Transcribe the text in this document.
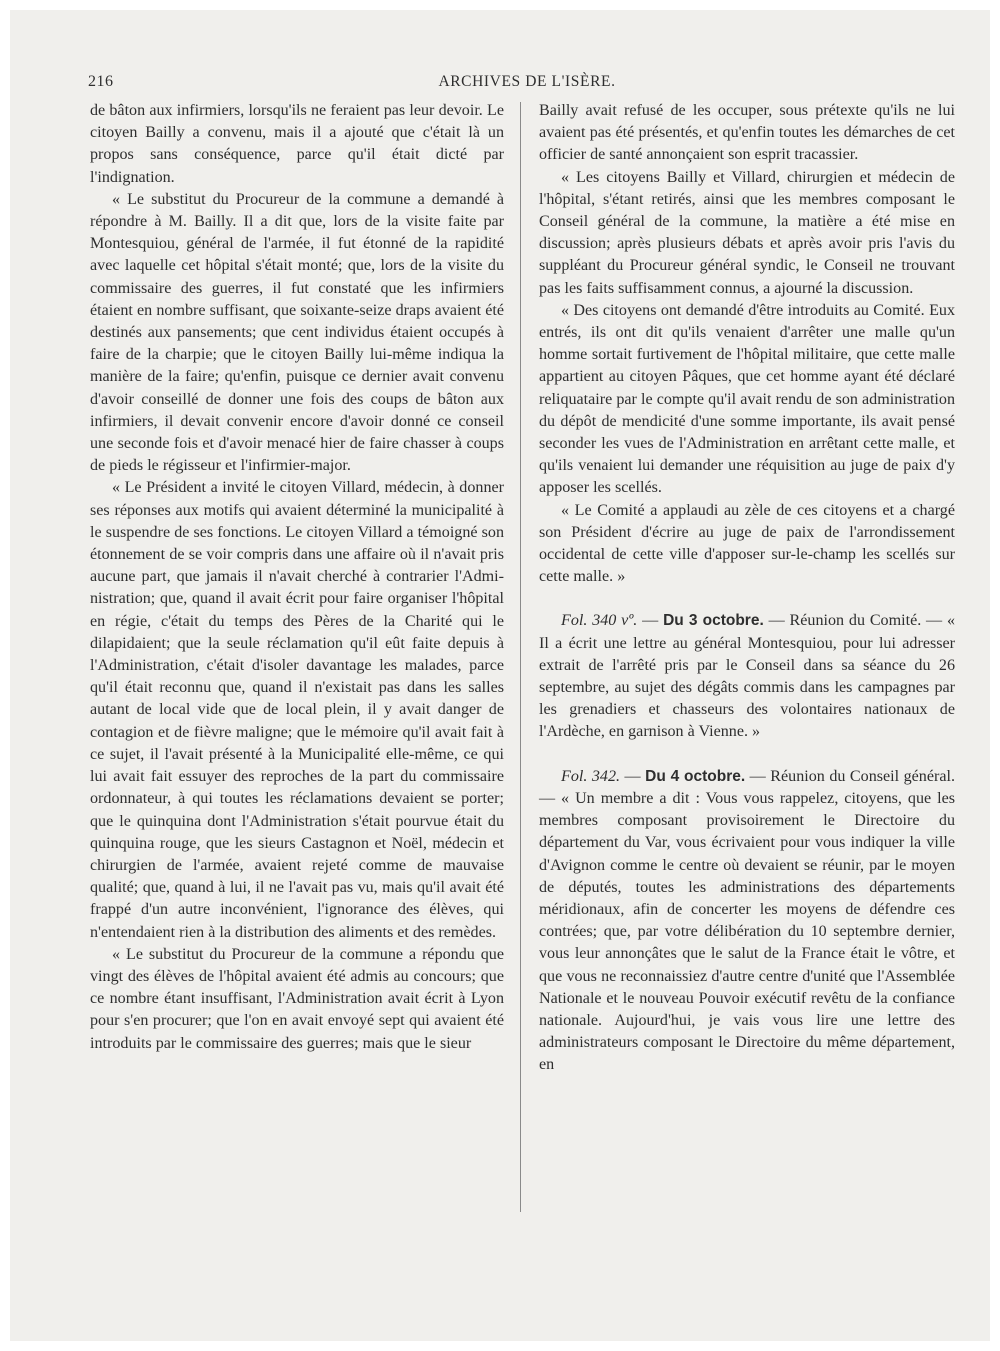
216	ARCHIVES DE L'ISÈRE.

de bâton aux infirmiers, lorsqu'ils ne feraient pas leur devoir. Le citoyen Bailly a convenu, mais il a ajouté que c'était là un propos sans conséquence, parce qu'il était dicté par l'indignation.

« Le substitut du Procureur de la commune a demandé à répondre à M. Bailly. Il a dit que, lors de la visite faite par Montesquiou, général de l'armée, il fut étonné de la rapidité avec laquelle cet hôpital s'était monté; que, lors de la visite du commissaire des guerres, il fut constaté que les infirmiers étaient en nombre suffisant, que soixante-seize draps avaient été destinés aux pansements; que cent individus étaient occupés à faire de la charpie; que le citoyen Bailly lui-même indiqua la manière de la faire; qu'enfin, puisque ce dernier avait convenu d'avoir conseillé de donner une fois des coups de bâton aux infirmiers, il devait convenir encore d'avoir donné ce conseil une seconde fois et d'avoir menacé hier de faire chasser à coups de pieds le régisseur et l'infirmier-major.

« Le Président a invité le citoyen Villard, médecin, à donner ses réponses aux motifs qui avaient déterminé la municipalité à le suspendre de ses fonctions. Le citoyen Villard a témoigné son étonnement de se voir compris dans une affaire où il n'avait pris aucune part, que jamais il n'avait cherché à contrarier l'Administration; que, quand il avait écrit pour faire organiser l'hôpital en régie, c'était du temps des Pères de la Charité qui le dilapidaient; que la seule réclamation qu'il eût faite depuis à l'Administration, c'était d'isoler davantage les malades, parce qu'il était reconnu que, quand il n'existait pas dans les salles autant de local vide que de local plein, il y avait danger de contagion et de fièvre maligne; que le mémoire qu'il avait fait à ce sujet, il l'avait présenté à la Municipalité elle-même, ce qui lui avait fait essuyer des reproches de la part du commissaire ordonnateur, à qui toutes les réclamations devaient se porter; que le quinquina dont l'Administration s'était pourvue était du quinquina rouge, que les sieurs Castagnon et Noël, médecin et chirurgien de l'armée, avaient rejeté comme de mauvaise qualité; que, quand à lui, il ne l'avait pas vu, mais qu'il avait été frappé d'un autre inconvénient, l'ignorance des élèves, qui n'entendaient rien à la distribution des aliments et des remèdes.

« Le substitut du Procureur de la commune a répondu que vingt des élèves de l'hôpital avaient été admis au concours; que ce nombre étant insuffisant, l'Administration avait écrit à Lyon pour s'en procurer; que l'on en avait envoyé sept qui avaient été introduits par le commissaire des guerres; mais que le sieur

Bailly avait refusé de les occuper, sous prétexte qu'ils ne lui avaient pas été présentés, et qu'enfin toutes les démarches de cet officier de santé annonçaient son esprit tracassier.

« Les citoyens Bailly et Villard, chirurgien et médecin de l'hôpital, s'étant retirés, ainsi que les membres composant le Conseil général de la commune, la matière a été mise en discussion; après plusieurs débats et après avoir pris l'avis du suppléant du Procureur général syndic, le Conseil ne trouvant pas les faits suffisamment connus, a ajourné la discussion.

« Des citoyens ont demandé d'être introduits au Comité. Eux entrés, ils ont dit qu'ils venaient d'arrêter une malle qu'un homme sortait furtivement de l'hôpital militaire, que cette malle appartient au citoyen Pâques, que cet homme ayant été déclaré reliquataire par le compte qu'il avait rendu de son administration du dépôt de mendicité d'une somme importante, ils avait pensé seconder les vues de l'Administration en arrêtant cette malle, et qu'ils venaient lui demander une réquisition au juge de paix d'y apposer les scellés.

« Le Comité a applaudi au zèle de ces citoyens et a chargé son Président d'écrire au juge de paix de l'arrondissement occidental de cette ville d'apposer sur-le-champ les scellés sur cette malle. »

Fol. 340 vº. — Du 3 octobre. — Réunion du Comité. — « Il a écrit une lettre au général Montesquiou, pour lui adresser extrait de l'arrêté pris par le Conseil dans sa séance du 26 septembre, au sujet des dégâts commis dans les campagnes par les grenadiers et chasseurs des volontaires nationaux de l'Ardèche, en garnison à Vienne. »

Fol. 342. — Du 4 octobre. — Réunion du Conseil général. — « Un membre a dit : Vous vous rappelez, citoyens, que les membres composant provisoirement le Directoire du département du Var, vous écrivaient pour vous indiquer la ville d'Avignon comme le centre où devaient se réunir, par le moyen de députés, toutes les administrations des départements méridionaux, afin de concerter les moyens de défendre ces contrées; que, par votre délibération du 10 septembre dernier, vous leur annonçâtes que le salut de la France était le vôtre, et que vous ne reconnaissiez d'autre centre d'unité que l'Assemblée Nationale et le nouveau Pouvoir exécutif revêtu de la confiance nationale. Aujourd'hui, je vais vous lire une lettre des administrateurs composant le Directoire du même département, en
